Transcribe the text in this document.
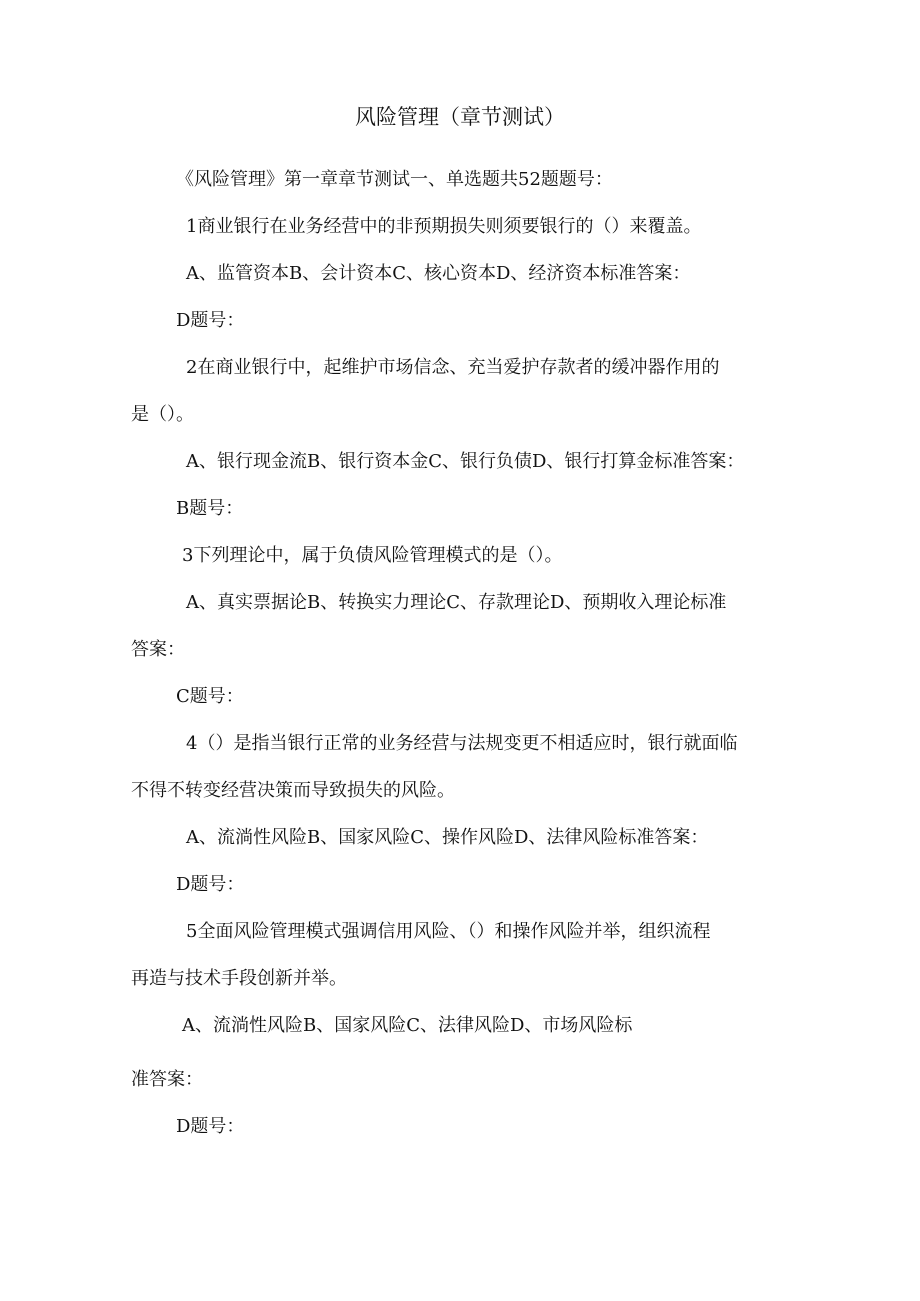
风险管理（章节测试）
《风险管理》第一章章节测试一、单选题共52题题号：
1商业银行在业务经营中的非预期损失则须要银行的（）来覆盖。
A、监管资本B、会计资本C、核心资本D、经济资本标准答案：
D题号：
2在商业银行中，起维护市场信念、充当爱护存款者的缓冲器作用的
是（）。
A、银行现金流B、银行资本金C、银行负债D、银行打算金标准答案：
B题号：
3下列理论中，属于负债风险管理模式的是（）。
A、真实票据论B、转换实力理论C、存款理论D、预期收入理论标准
答案：
C题号：
4（）是指当银行正常的业务经营与法规变更不相适应时，银行就面临
不得不转变经营决策而导致损失的风险。
A、流淌性风险B、国家风险C、操作风险D、法律风险标准答案：
D题号：
5全面风险管理模式强调信用风险、（）和操作风险并举，组织流程
再造与技术手段创新并举。
A、流淌性风险B、国家风险C、法律风险D、市场风险标
准答案：
D题号：
